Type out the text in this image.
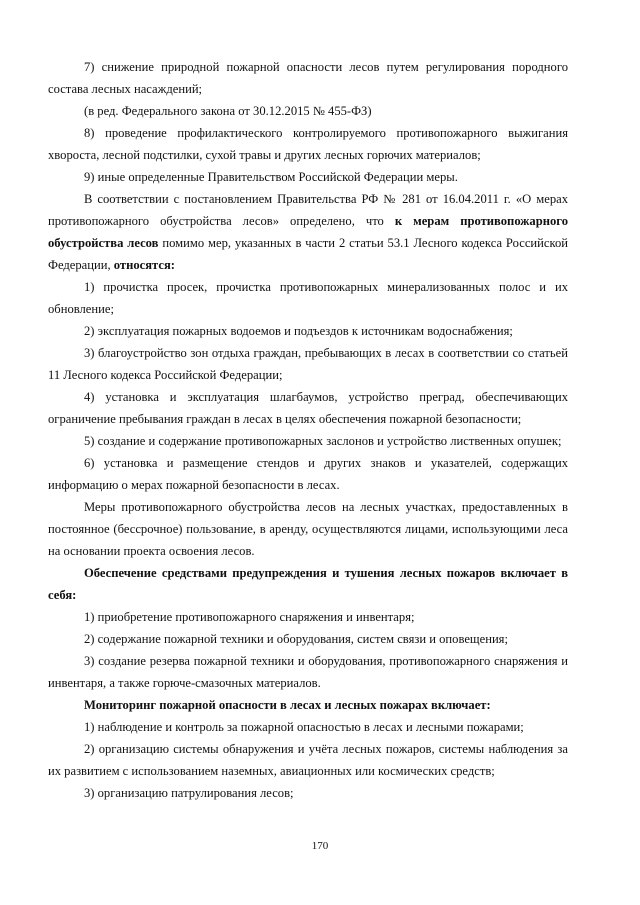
7) снижение природной пожарной опасности лесов путем регулирования породного состава лесных насаждений;

(в ред. Федерального закона от 30.12.2015 № 455-ФЗ)

8) проведение профилактического контролируемого противопожарного выжигания хвороста, лесной подстилки, сухой травы и других лесных горючих материалов;

9) иные определенные Правительством Российской Федерации меры.

В соответствии с постановлением Правительства РФ № 281 от 16.04.2011 г. «О мерах противопожарного обустройства лесов» определено, что к мерам противопожарного обустройства лесов помимо мер, указанных в части 2 статьи 53.1 Лесного кодекса Российской Федерации, относятся:

1) прочистка просек, прочистка противопожарных минерализованных полос и их обновление;

2) эксплуатация пожарных водоемов и подъездов к источникам водоснабжения;

3) благоустройство зон отдыха граждан, пребывающих в лесах в соответствии со статьей 11 Лесного кодекса Российской Федерации;

4) установка и эксплуатация шлагбаумов, устройство преград, обеспечивающих ограничение пребывания граждан в лесах в целях обеспечения пожарной безопасности;

5) создание и содержание противопожарных заслонов и устройство лиственных опушек;

6) установка и размещение стендов и других знаков и указателей, содержащих информацию о мерах пожарной безопасности в лесах.

Меры противопожарного обустройства лесов на лесных участках, предоставленных в постоянное (бессрочное) пользование, в аренду, осуществляются лицами, использующими леса на основании проекта освоения лесов.

Обеспечение средствами предупреждения и тушения лесных пожаров включает в себя:

1) приобретение противопожарного снаряжения и инвентаря;

2) содержание пожарной техники и оборудования, систем связи и оповещения;

3) создание резерва пожарной техники и оборудования, противопожарного снаряжения и инвентаря, а также горюче-смазочных материалов.

Мониторинг пожарной опасности в лесах и лесных пожарах включает:

1) наблюдение и контроль за пожарной опасностью в лесах и лесными пожарами;

2) организацию системы обнаружения и учёта лесных пожаров, системы наблюдения за их развитием с использованием наземных, авиационных или космических средств;

3) организацию патрулирования лесов;

170
